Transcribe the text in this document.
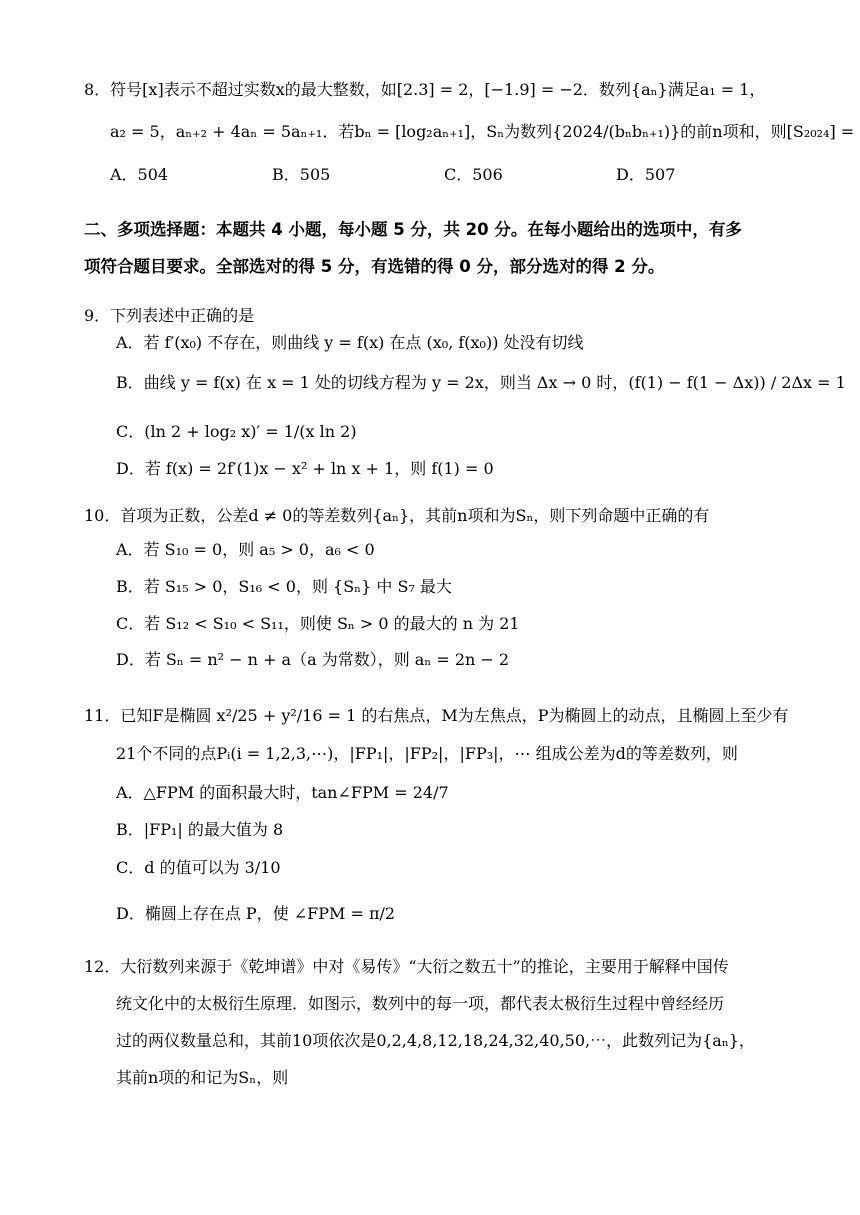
8．符号[x]表示不超过实数x的最大整数，如[2.3] = 2，[−1.9] = −2．数列{aₙ}满足a₁ = 1，
a₂ = 5，aₙ₊₂ + 4aₙ = 5aₙ₊₁．若bₙ = [log₂aₙ₊₁]，Sₙ为数列{2024/(bₙbₙ₊₁)}的前n项和，则[S₂₀₂₄] =
A．504	B．505	C．506	D．507
二、多项选择题：本题共 4 小题，每小题 5 分，共 20 分。在每小题给出的选项中，有多
项符合题目要求。全部选对的得 5 分，有选错的得 0 分，部分选对的得 2 分。
9．下列表述中正确的是
A．若 f′(x₀) 不存在，则曲线 y = f(x) 在点 (x₀, f(x₀)) 处没有切线
B．曲线 y = f(x) 在 x = 1 处的切线方程为 y = 2x，则当 Δx → 0 时，(f(1) − f(1 − Δx)) / 2Δx = 1
C．(ln 2 + log₂ x)′ = 1/(x ln 2)
D．若 f(x) = 2f′(1)x − x² + ln x + 1，则 f(1) = 0
10．首项为正数，公差d ≠ 0的等差数列{aₙ}，其前n项和为Sₙ，则下列命题中正确的有
A．若 S₁₀ = 0，则 a₅ > 0，a₆ < 0
B．若 S₁₅ > 0，S₁₆ < 0，则 {Sₙ} 中 S₇ 最大
C．若 S₁₂ < S₁₀ < S₁₁，则使 Sₙ > 0 的最大的 n 为 21
D．若 Sₙ = n² − n + a（a 为常数），则 aₙ = 2n − 2
11．已知F是椭圆 x²/25 + y²/16 = 1 的右焦点，M为左焦点，P为椭圆上的动点，且椭圆上至少有
21个不同的点Pᵢ(i = 1,2,3,⋯)，|FP₁|，|FP₂|，|FP₃|，⋯ 组成公差为d的等差数列，则
A．△FPM 的面积最大时，tan∠FPM = 24/7
B．|FP₁| 的最大值为 8
C．d 的值可以为 3/10
D．椭圆上存在点 P，使 ∠FPM = π/2
12．大衍数列来源于《乾坤谱》中对《易传》“大衍之数五十”的推论，主要用于解释中国传
统文化中的太极衍生原理．如图示，数列中的每一项，都代表太极衍生过程中曾经经历
过的两仪数量总和，其前10项依次是0,2,4,8,12,18,24,32,40,50,⋯，此数列记为{aₙ}，
其前n项的和记为Sₙ，则
